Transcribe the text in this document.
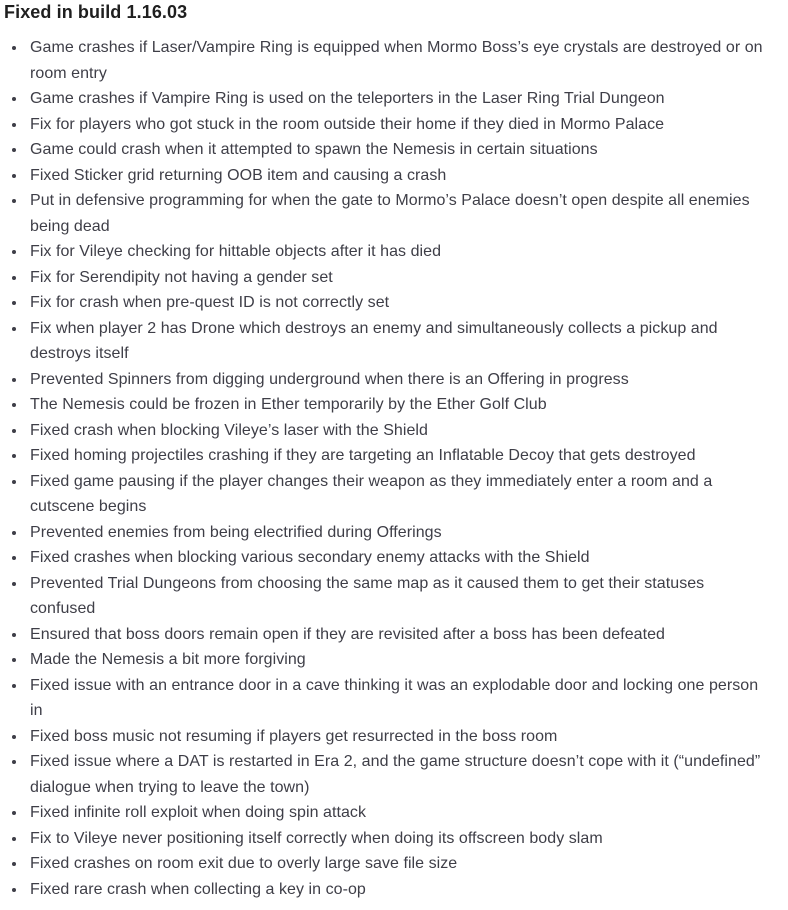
Fixed in build 1.16.03
• Game crashes if Laser/Vampire Ring is equipped when Mormo Boss’s eye crystals are destroyed or on room entry
• Game crashes if Vampire Ring is used on the teleporters in the Laser Ring Trial Dungeon
• Fix for players who got stuck in the room outside their home if they died in Mormo Palace
• Game could crash when it attempted to spawn the Nemesis in certain situations
• Fixed Sticker grid returning OOB item and causing a crash
• Put in defensive programming for when the gate to Mormo’s Palace doesn’t open despite all enemies being dead
• Fix for Vileye checking for hittable objects after it has died
• Fix for Serendipity not having a gender set
• Fix for crash when pre-quest ID is not correctly set
• Fix when player 2 has Drone which destroys an enemy and simultaneously collects a pickup and destroys itself
• Prevented Spinners from digging underground when there is an Offering in progress
• The Nemesis could be frozen in Ether temporarily by the Ether Golf Club
• Fixed crash when blocking Vileye’s laser with the Shield
• Fixed homing projectiles crashing if they are targeting an Inflatable Decoy that gets destroyed
• Fixed game pausing if the player changes their weapon as they immediately enter a room and a cutscene begins
• Prevented enemies from being electrified during Offerings
• Fixed crashes when blocking various secondary enemy attacks with the Shield
• Prevented Trial Dungeons from choosing the same map as it caused them to get their statuses confused
• Ensured that boss doors remain open if they are revisited after a boss has been defeated
• Made the Nemesis a bit more forgiving
• Fixed issue with an entrance door in a cave thinking it was an explodable door and locking one person in
• Fixed boss music not resuming if players get resurrected in the boss room
• Fixed issue where a DAT is restarted in Era 2, and the game structure doesn’t cope with it (“undefined” dialogue when trying to leave the town)
• Fixed infinite roll exploit when doing spin attack
• Fix to Vileye never positioning itself correctly when doing its offscreen body slam
• Fixed crashes on room exit due to overly large save file size
• Fixed rare crash when collecting a key in co-op
